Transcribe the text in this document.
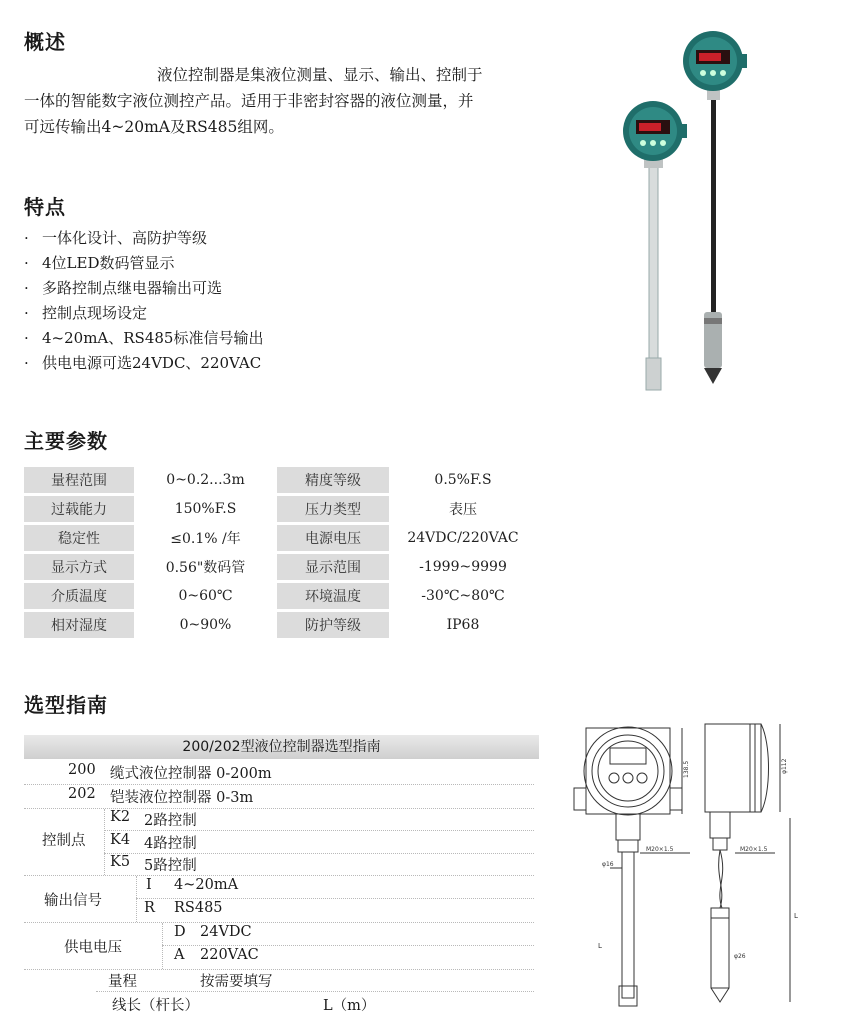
概述
液位控制器是集液位测量、显示、输出、控制于
一体的智能数字液位测控产品。适用于非密封容器的液位测量，并
可远传输出4~20mA及RS485组网。
特点
· 一体化设计、高防护等级
· 4位LED数码管显示
· 多路控制点继电器输出可选
· 控制点现场设定
· 4~20mA、RS485标准信号输出
· 供电电源可选24VDC、220VAC
主要参数
量程范围	0~0.2...3m	精度等级	0.5%F.S
过载能力	150%F.S	压力类型	表压
稳定性	≤0.1% /年	电源电压	24VDC/220VAC
显示方式	0.56"数码管	显示范围	-1999~9999
介质温度	0~60℃	环境温度	-30℃~80℃
相对湿度	0~90%	防护等级	IP68
选型指南
200/202型液位控制器选型指南
200 缆式液位控制器 0-200m
202 铠装液位控制器 0-3m
控制点
K2 2路控制
K4 4路控制
K5 5路控制
输出信号
I 4~20mA
R RS485
供电电压
D 24VDC
A 220VAC
量程	按需要填写
线长（杆长）	L（m）
138.5
M20×1.5
φ16
L
φ112
M20×1.5
φ26
L
